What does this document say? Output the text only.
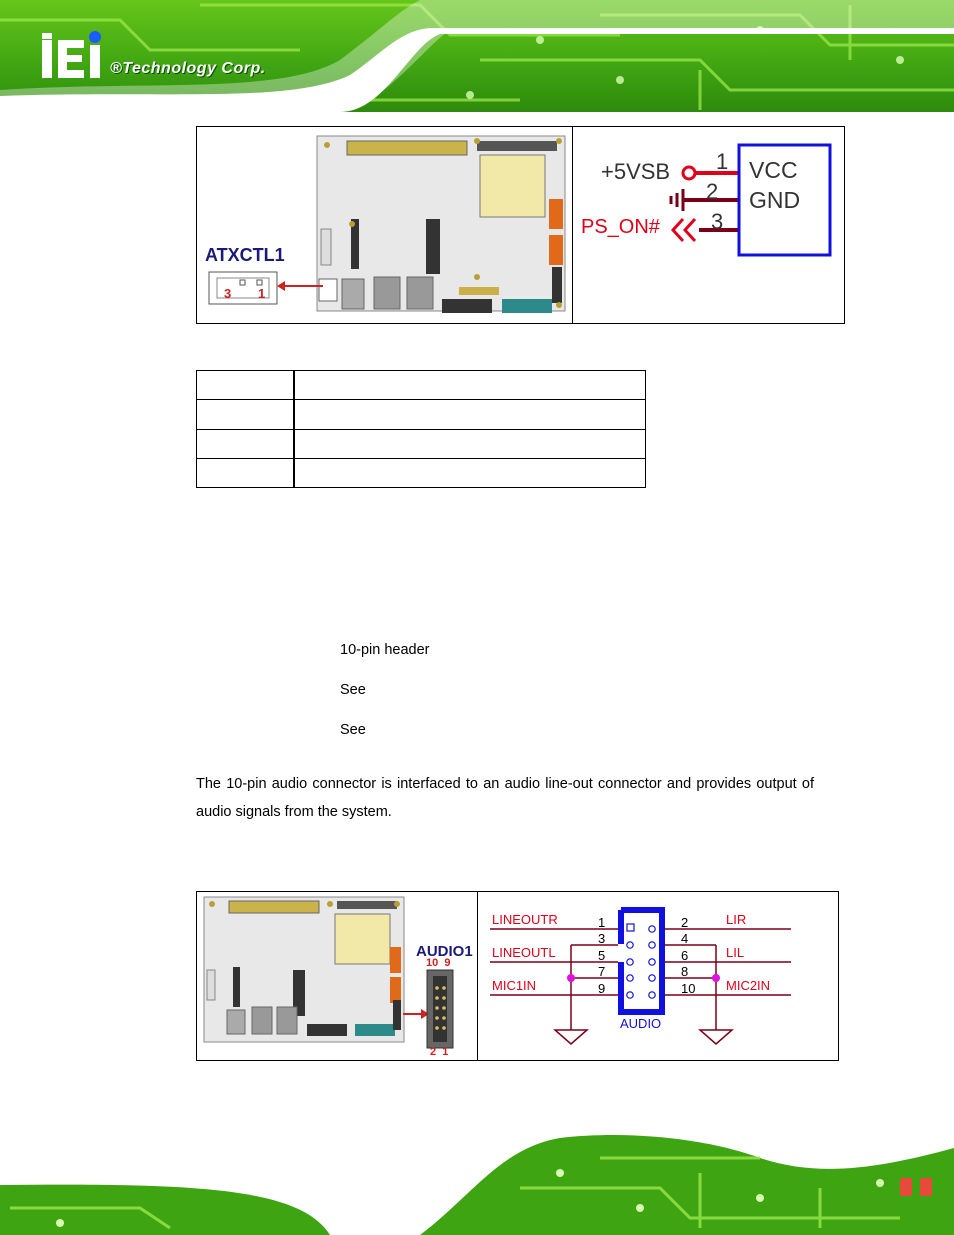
®Technology Corp.
ATXCTL1
3 1
+5VSB
PS_ON#
1
2
3
VCC
GND
10-pin header
See
See
The 10-pin audio connector is interfaced to an audio line-out connector and provides output of audio signals from the system.
AUDIO1
10  9
2  1
LINEOUTR
LINEOUTL
MIC1IN
LIR
LIL
MIC2IN
1
3
5
7
9
2
4
6
8
10
AUDIO
